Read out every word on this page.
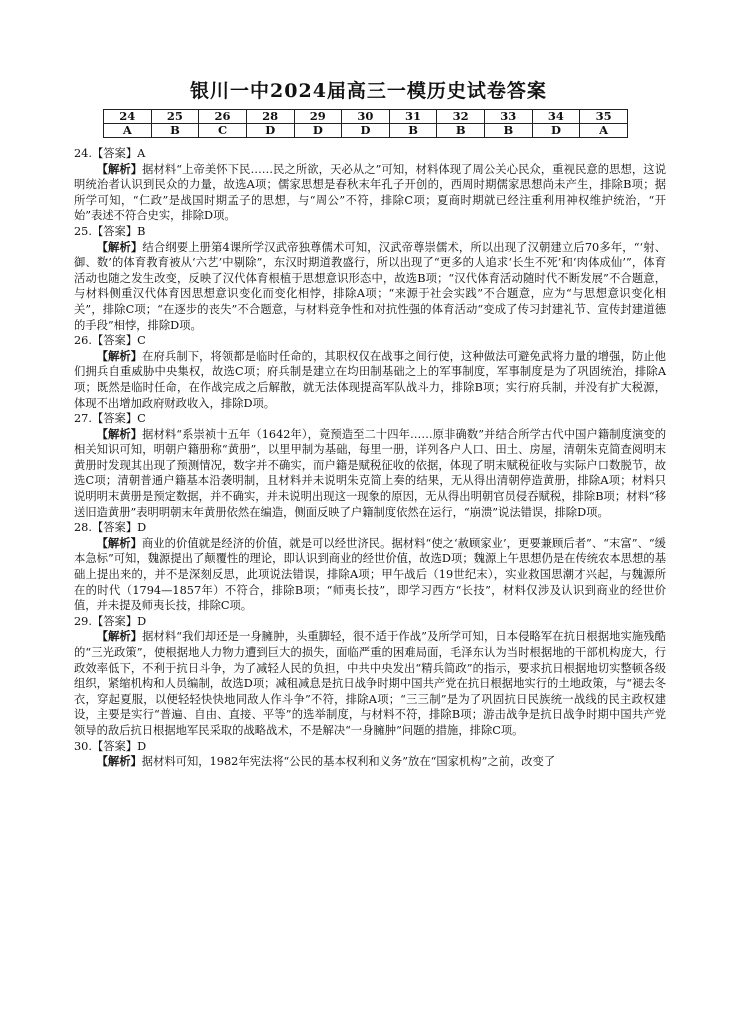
银川一中2024届高三一模历史试卷答案
24	25	26	28	29	30	31	32	33	34	35
A	B	C	D	D	D	B	B	B	D	A

24.【答案】A

【解析】据材料“上帝美怀下民……民之所欲，天必从之”可知，材料体现了周公关心民众，重视民意的思想，这说明统治者认识到民众的力量，故选A项；儒家思想是春秋末年孔子开创的，西周时期儒家思想尚未产生，排除B项；据所学可知，“仁政”是战国时期孟子的思想，与“周公”不符，排除C项；夏商时期就已经注重利用神权维护统治，“开始”表述不符合史实，排除D项。

25.【答案】B

【解析】结合纲要上册第4课所学汉武帝独尊儒术可知，汉武帝尊崇儒术，所以出现了汉朝建立后70多年，“‘射、御、数’的体育教育被从‘六艺’中剔除”，东汉时期道教盛行，所以出现了“更多的人追求‘长生不死’和‘肉体成仙’”，体育活动也随之发生改变，反映了汉代体育根植于思想意识形态中，故选B项；“汉代体育活动随时代不断发展”不合题意，与材料侧重汉代体育因思想意识变化而变化相悖，排除A项；“来源于社会实践”不合题意，应为“与思想意识变化相关”，排除C项；“在逐步的丧失”不合题意，与材料竞争性和对抗性强的体育活动“变成了传习封建礼节、宣传封建道德的手段”相悖，排除D项。

26.【答案】C

【解析】在府兵制下，将领都是临时任命的，其职权仅在战事之间行使，这种做法可避免武将力量的增强，防止他们拥兵自重威胁中央集权，故选C项；府兵制是建立在均田制基础之上的军事制度，军事制度是为了巩固统治，排除A项；既然是临时任命，在作战完成之后解散，就无法体现提高军队战斗力，排除B项；实行府兵制，并没有扩大税源，体现不出增加政府财政收入，排除D项。

27.【答案】C

【解析】据材料“系崇祯十五年（1642年），竟预造至二十四年……原非确数”并结合所学古代中国户籍制度演变的相关知识可知，明朝户籍册称“黄册”，以里甲制为基础，每里一册，详列各户人口、田土、房屋，清朝朱克简查阅明末黄册时发现其出现了预测情况，数字并不确实，而户籍是赋税征收的依据，体现了明末赋税征收与实际户口数脱节，故选C项；清朝普通户籍基本沿袭明制，且材料并未说明朱克简上奏的结果，无从得出清朝停造黄册，排除A项；材料只说明明末黄册是预定数据，并不确实，并未说明出现这一现象的原因，无从得出明朝官员侵吞赋税，排除B项；材料“移送旧造黄册”表明明朝末年黄册依然在编造，侧面反映了户籍制度依然在运行，“崩溃”说法错误，排除D项。

28.【答案】D

【解析】商业的价值就是经济的价值，就是可以经世济民。据材料“使之‘赦顾家业’，更要兼顾后者”、“末富”、“缓本急标”可知，魏源提出了颠覆性的理论，即认识到商业的经世价值，故选D项；魏源上午思想仍是在传统农本思想的基础上提出来的，并不是深刻反思，此项说法错误，排除A项；甲午战后（19世纪末），实业救国思潮才兴起，与魏源所在的时代（1794—1857年）不符合，排除B项；“师夷长技”，即学习西方“长技”，材料仅涉及认识到商业的经世价值，并未提及师夷长技，排除C项。

29.【答案】D

【解析】据材料“我们却还是一身臃肿，头重脚轻，很不适于作战”及所学可知，日本侵略军在抗日根据地实施残酷的“三光政策”，使根据地人力物力遭到巨大的损失，面临严重的困难局面，毛泽东认为当时根据地的干部机构庞大，行政效率低下，不利于抗日斗争，为了减轻人民的负担，中共中央发出“精兵简政”的指示，要求抗日根据地切实整顿各级组织，紧缩机构和人员编制，故选D项；减租减息是抗日战争时期中国共产党在抗日根据地实行的土地政策，与“褪去冬衣，穿起夏服，以便轻轻快快地同敌人作斗争”不符，排除A项；“三三制”是为了巩固抗日民族统一战线的民主政权建设，主要是实行“普遍、自由、直接、平等”的选举制度，与材料不符，排除B项；游击战争是抗日战争时期中国共产党领导的敌后抗日根据地军民采取的战略战术，不是解决“一身臃肿”问题的措施，排除C项。

30.【答案】D

【解析】据材料可知，1982年宪法将“公民的基本权利和义务”放在“国家机构”之前，改变了
